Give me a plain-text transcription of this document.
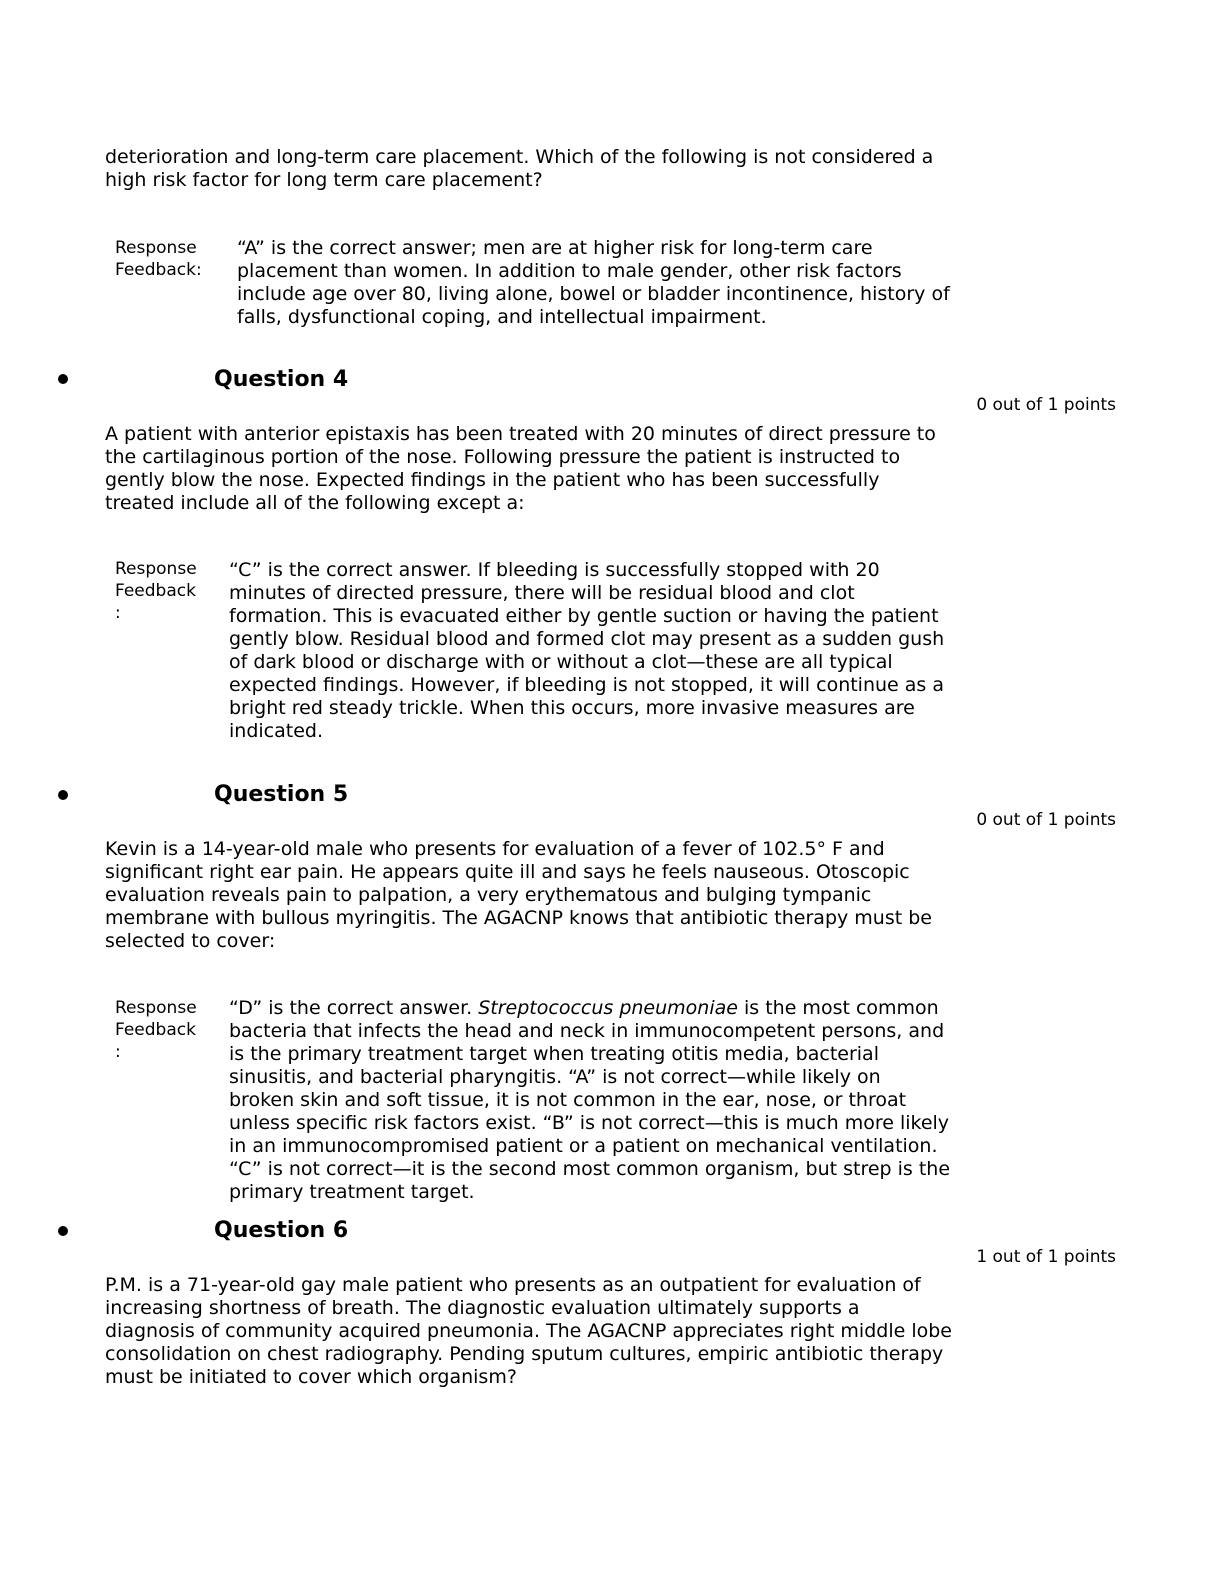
deterioration and long-term care placement. Which of the following is not considered a
high risk factor for long term care placement?
Response
Feedback:
“A” is the correct answer; men are at higher risk for long-term care
placement than women. In addition to male gender, other risk factors
include age over 80, living alone, bowel or bladder incontinence, history of
falls, dysfunctional coping, and intellectual impairment.
Question 4
0 out of 1 points
A patient with anterior epistaxis has been treated with 20 minutes of direct pressure to
the cartilaginous portion of the nose. Following pressure the patient is instructed to
gently blow the nose. Expected findings in the patient who has been successfully
treated include all of the following except a:
Response
Feedback
:
“C” is the correct answer. If bleeding is successfully stopped with 20
minutes of directed pressure, there will be residual blood and clot
formation. This is evacuated either by gentle suction or having the patient
gently blow. Residual blood and formed clot may present as a sudden gush
of dark blood or discharge with or without a clot—these are all typical
expected findings. However, if bleeding is not stopped, it will continue as a
bright red steady trickle. When this occurs, more invasive measures are
indicated.
Question 5
0 out of 1 points
Kevin is a 14-year-old male who presents for evaluation of a fever of 102.5° F and
significant right ear pain. He appears quite ill and says he feels nauseous. Otoscopic
evaluation reveals pain to palpation, a very erythematous and bulging tympanic
membrane with bullous myringitis. The AGACNP knows that antibiotic therapy must be
selected to cover:
Response
Feedback
:
“D” is the correct answer. Streptococcus pneumoniae is the most common
bacteria that infects the head and neck in immunocompetent persons, and
is the primary treatment target when treating otitis media, bacterial
sinusitis, and bacterial pharyngitis. “A” is not correct—while likely on
broken skin and soft tissue, it is not common in the ear, nose, or throat
unless specific risk factors exist. “B” is not correct—this is much more likely
in an immunocompromised patient or a patient on mechanical ventilation.
“C” is not correct—it is the second most common organism, but strep is the
primary treatment target.
Question 6
1 out of 1 points
P.M. is a 71-year-old gay male patient who presents as an outpatient for evaluation of
increasing shortness of breath. The diagnostic evaluation ultimately supports a
diagnosis of community acquired pneumonia. The AGACNP appreciates right middle lobe
consolidation on chest radiography. Pending sputum cultures, empiric antibiotic therapy
must be initiated to cover which organism?
